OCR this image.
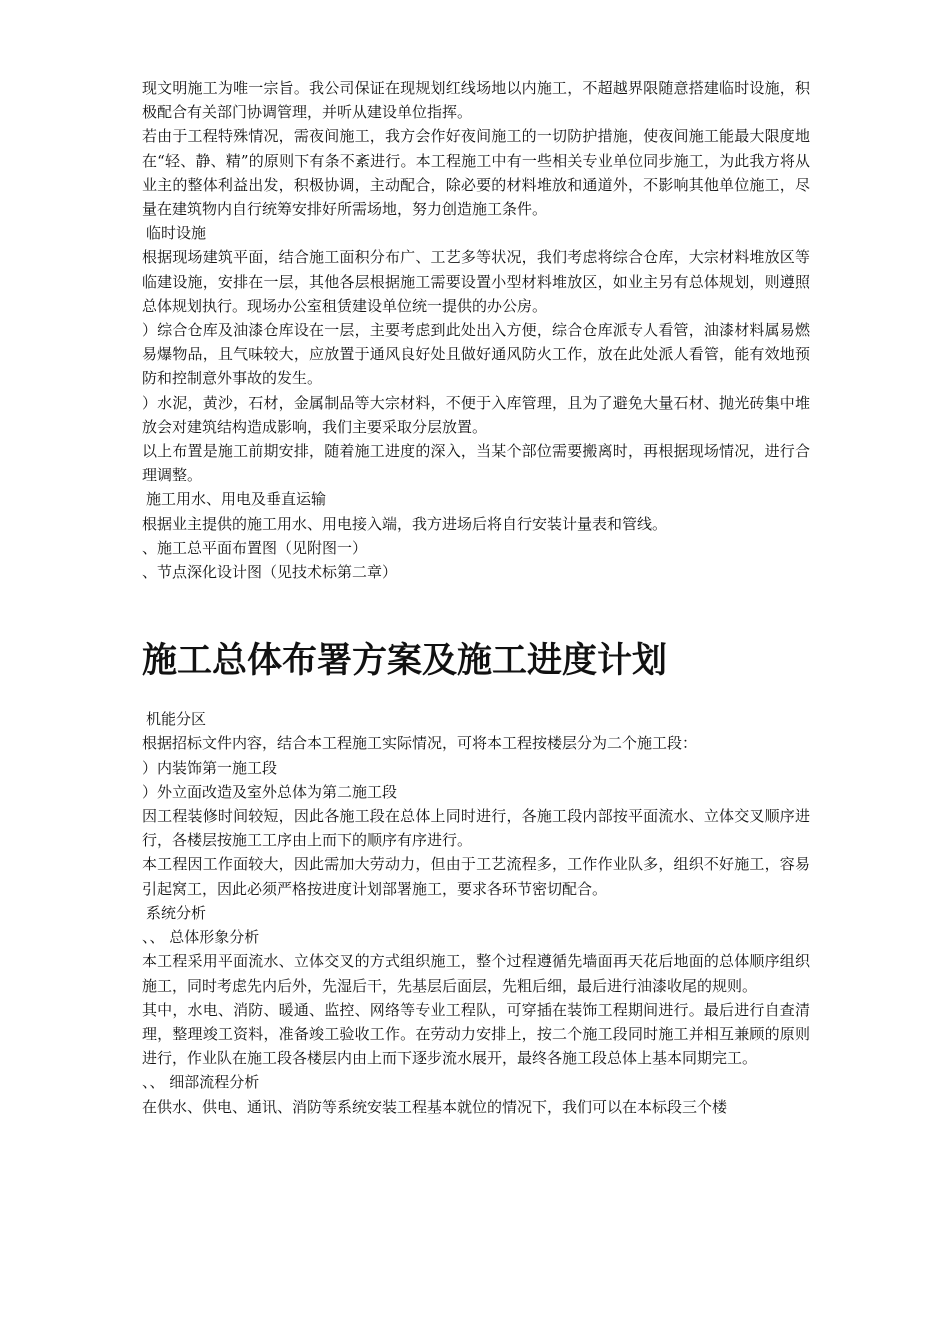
现文明施工为唯一宗旨。我公司保证在现规划红线场地以内施工，不超越界限随意搭建临时设施，积极配合有关部门协调管理，并听从建设单位指挥。

若由于工程特殊情况，需夜间施工，我方会作好夜间施工的一切防护措施，使夜间施工能最大限度地在“轻、静、精”的原则下有条不紊进行。本工程施工中有一些相关专业单位同步施工，为此我方将从业主的整体利益出发，积极协调，主动配合，除必要的材料堆放和通道外，不影响其他单位施工，尽量在建筑物内自行统筹安排好所需场地，努力创造施工条件。

临时设施

根据现场建筑平面，结合施工面积分布广、工艺多等状况，我们考虑将综合仓库，大宗材料堆放区等临建设施，安排在一层，其他各层根据施工需要设置小型材料堆放区，如业主另有总体规划，则遵照总体规划执行。现场办公室租赁建设单位统一提供的办公房。

）综合仓库及油漆仓库设在一层，主要考虑到此处出入方便，综合仓库派专人看管，油漆材料属易燃易爆物品，且气味较大，应放置于通风良好处且做好通风防火工作，放在此处派人看管，能有效地预防和控制意外事故的发生。

）水泥，黄沙，石材，金属制品等大宗材料，不便于入库管理，且为了避免大量石材、抛光砖集中堆放会对建筑结构造成影响，我们主要采取分层放置。

以上布置是施工前期安排，随着施工进度的深入，当某个部位需要搬离时，再根据现场情况，进行合理调整。

施工用水、用电及垂直运输

根据业主提供的施工用水、用电接入端，我方进场后将自行安装计量表和管线。

、施工总平面布置图（见附图一）

、节点深化设计图（见技术标第二章）

施工总体布署方案及施工进度计划

机能分区

根据招标文件内容，结合本工程施工实际情况，可将本工程按楼层分为二个施工段：

）内装饰第一施工段

）外立面改造及室外总体为第二施工段

因工程装修时间较短，因此各施工段在总体上同时进行，各施工段内部按平面流水、立体交叉顺序进行，各楼层按施工工序由上而下的顺序有序进行。

本工程因工作面较大，因此需加大劳动力，但由于工艺流程多，工作作业队多，组织不好施工，容易引起窝工，因此必须严格按进度计划部署施工，要求各环节密切配合。

系统分析

、、 总体形象分析

本工程采用平面流水、立体交叉的方式组织施工，整个过程遵循先墙面再天花后地面的总体顺序组织施工，同时考虑先内后外，先湿后干，先基层后面层，先粗后细，最后进行油漆收尾的规则。

其中，水电、消防、暖通、监控、网络等专业工程队，可穿插在装饰工程期间进行。最后进行自查清理，整理竣工资料，准备竣工验收工作。在劳动力安排上，按二个施工段同时施工并相互兼顾的原则进行，作业队在施工段各楼层内由上而下逐步流水展开，最终各施工段总体上基本同期完工。

、、 细部流程分析

在供水、供电、通讯、消防等系统安装工程基本就位的情况下，我们可以在本标段三个楼
